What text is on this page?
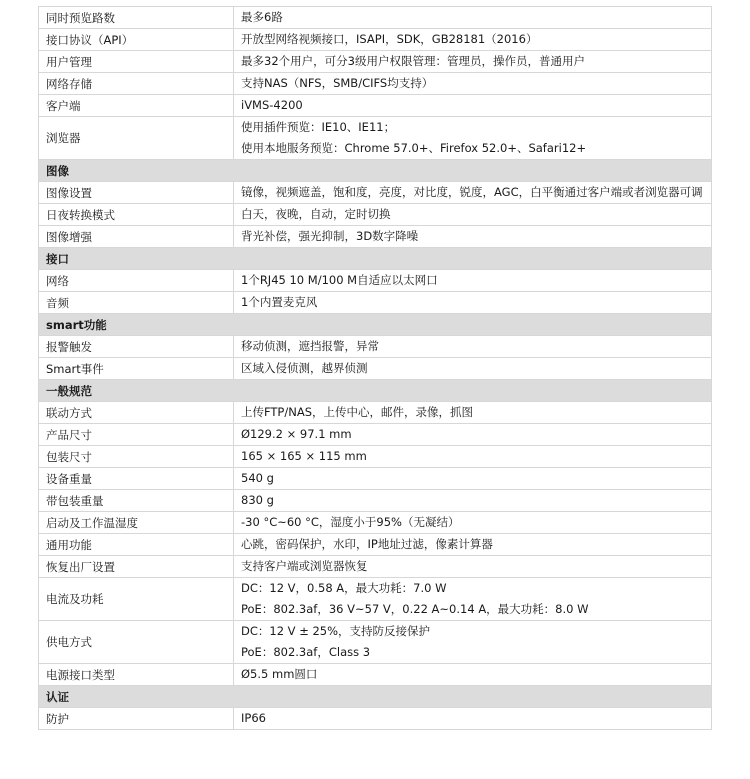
同时预览路数	最多6路

接口协议（API）	开放型网络视频接口，ISAPI，SDK，GB28181（2016）

用户管理	最多32个用户，可分3级用户权限管理：管理员，操作员，普通用户

网络存储	支持NAS（NFS，SMB/CIFS均支持）

客户端	iVMS-4200

浏览器	使用插件预览：IE10、IE11；
使用本地服务预览：Chrome 57.0+、Firefox 52.0+、Safari12+

图像	
图像设置	镜像，视频遮盖，饱和度，亮度，对比度，锐度，AGC，白平衡通过客户端或者浏览器可调

日夜转换模式	白天，夜晚，自动，定时切换

图像增强	背光补偿，强光抑制，3D数字降噪

接口	
网络	1个RJ45 10 M/100 M自适应以太网口

音频	1个内置麦克风

smart功能	
报警触发	移动侦测，遮挡报警，异常

Smart事件	区域入侵侦测，越界侦测

一般规范	
联动方式	上传FTP/NAS，上传中心，邮件，录像，抓图

产品尺寸	Ø129.2 × 97.1 mm

包装尺寸	165 × 165 × 115 mm

设备重量	540 g

带包装重量	830 g

启动及工作温湿度	-30 °C~60 °C，湿度小于95%（无凝结）

通用功能	心跳，密码保护，水印，IP地址过滤，像素计算器

恢复出厂设置	支持客户端或浏览器恢复

电流及功耗	DC：12 V，0.58 A，最大功耗：7.0 W
PoE：802.3af，36 V~57 V，0.22 A~0.14 A，最大功耗：8.0 W

供电方式	DC：12 V ± 25%，支持防反接保护
PoE：802.3af，Class 3

电源接口类型	Ø5.5 mm圆口

认证	
防护	IP66
